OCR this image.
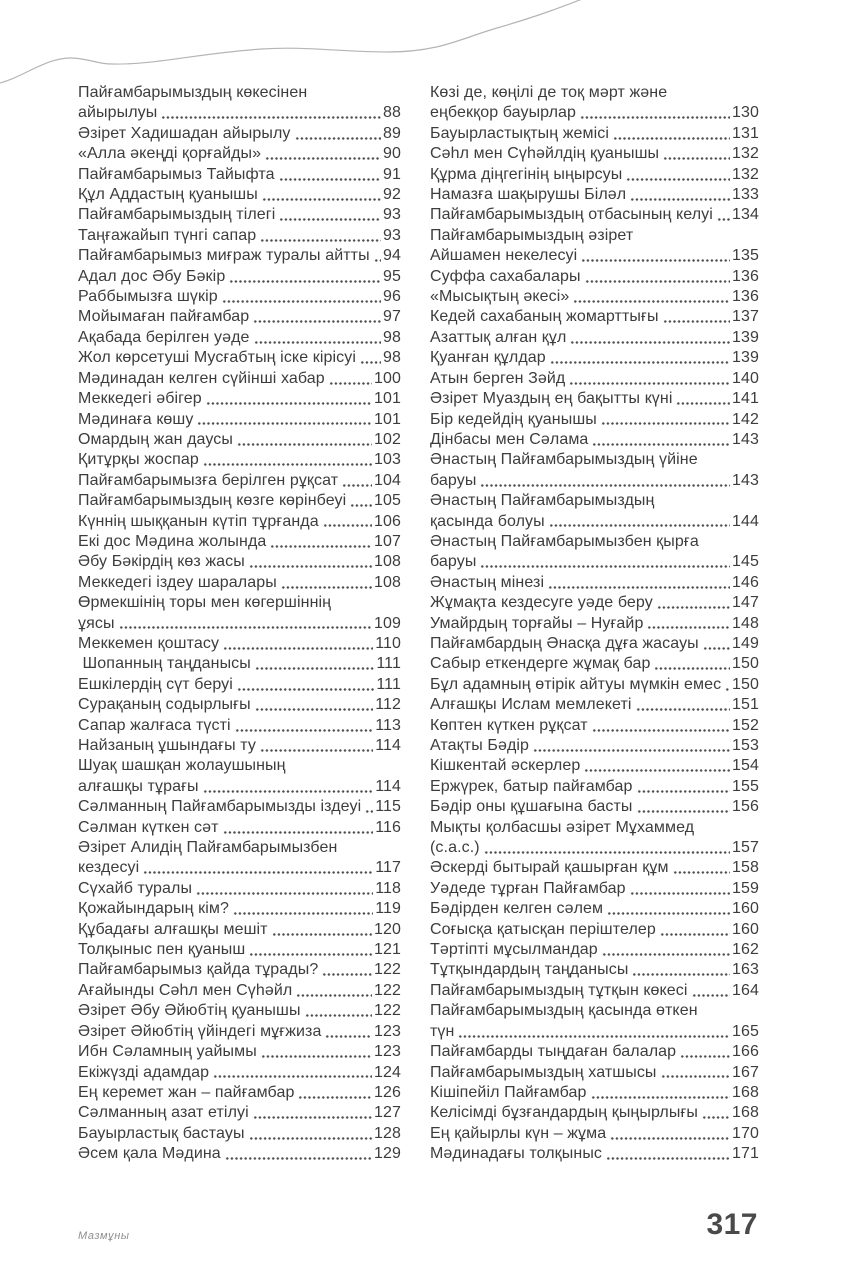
Пайғамбарымыздың көкесінен
айырылуы	88
Әзірет Хадишадан айырылу	89
«Алла әкеңді қорғайды»	90
Пайғамбарымыз Тайыфта	91
Құл Аддастың қуанышы	92
Пайғамбарымыздың тілегі	93
Таңғажайып түнгі сапар	93
Пайғамбарымыз миғраж туралы айтты 94
Адал дос Әбу Бәкір	95
Раббымызға шүкір	96
Мойымаған пайғамбар	97
Ақабада берілген уәде	98
Жол көрсетуші Мусғабтың іске кірісуі 98
Мәдинадан келген сүйінші хабар	100
Меккедегі әбігер	101
Мәдинаға көшу	101
Омардың жан даусы	102
Қитұрқы жоспар	103
Пайғамбарымызға берілген рұқсат 104
Пайғамбарымыздың көзге көрінбеуі 105
Күннің шыққанын күтіп тұрғанда	106
Екі дос Мәдина жолында	107
Әбу Бәкірдің көз жасы	108
Меккедегі іздеу шаралары	108
Өрмекшінің торы мен көгершіннің
ұясы	109
Меккемен қоштасу	110
Шопанның таңданысы	111
Ешкілердің сүт беруі	111
Сурақаның содырлығы	112
Сапар жалғаса түсті	113
Найзаның ұшындағы ту	114
Шуақ шашқан жолаушының
алғашқы тұрағы	114
Сәлманның Пайғамбарымызды іздеуі 115
Сәлман күткен сәт	116
Әзірет Алидің Пайғамбарымызбен
кездесуі	117
Сүхайб туралы	118
Қожайындарың кім?	119
Құбадағы алғашқы мешіт	120
Толқыныс пен қуаныш	121
Пайғамбарымыз қайда тұрады?	122
Ағайынды Сәһл мен Сүһәйл	122
Әзірет Әбу Әйюбтің қуанышы	122
Әзірет Әйюбтің үйіндегі мұғжиза	123
Ибн Сәламның уайымы	123
Екіжүзді адамдар	124
Ең керемет жан – пайғамбар	126
Сәлманның азат етілуі	127
Бауырластық бастауы	128
Әсем қала Мәдина	129
Көзі де, көңілі де тоқ мәрт және
еңбекқор бауырлар	130
Бауырластықтың жемісі	131
Сәһл мен Сүһәйлдің қуанышы	132
Құрма діңгегінің ыңырсуы	132
Намазға шақырушы Біләл	133
Пайғамбарымыздың отбасының келуі 134
Пайғамбарымыздың әзірет
Айшамен некелесуі	135
Суффа сахабалары	136
«Мысықтың әкесі»	136
Кедей сахабаның жомарттығы	137
Азаттық алған құл	139
Қуанған құлдар	139
Атын берген Зәйд	140
Әзірет Муаздың ең бақытты күні	141
Бір кедейдің қуанышы	142
Дінбасы мен Сәлама	143
Әнастың Пайғамбарымыздың үйіне
баруы	143
Әнастың Пайғамбарымыздың
қасында болуы	144
Әнастың Пайғамбарымызбен қырға
баруы	145
Әнастың мінезі	146
Жұмақта кездесуге уәде беру	147
Умайрдың торғайы – Нуғайр	148
Пайғамбардың Әнасқа дұға жасауы 149
Сабыр еткендерге жұмақ бар	150
Бұл адамның өтірік айтуы мүмкін емес 150
Алғашқы Ислам мемлекеті	151
Көптен күткен рұқсат	152
Атақты Бәдір	153
Кішкентай әскерлер	154
Ержүрек, батыр пайғамбар	155
Бәдір оны құшағына басты	156
Мықты қолбасшы әзірет Мұхаммед
(с.а.с.)	157
Әскерді бытырай қашырған құм	158
Уәдеде тұрған Пайғамбар	159
Бәдірден келген сәлем	160
Соғысқа қатысқан періштелер	160
Тәртіпті мұсылмандар	162
Тұтқындардың таңданысы	163
Пайғамбарымыздың тұтқын көкесі	164
Пайғамбарымыздың қасында өткен
түн	165
Пайғамбарды тыңдаған балалар	166
Пайғамбарымыздың хатшысы	167
Кішіпейіл Пайғамбар	168
Келісімді бұзғандардың қыңырлығы 168
Ең қайырлы күн – жұма	170
Мәдинадағы толқыныс	171
Мазмұны	317
